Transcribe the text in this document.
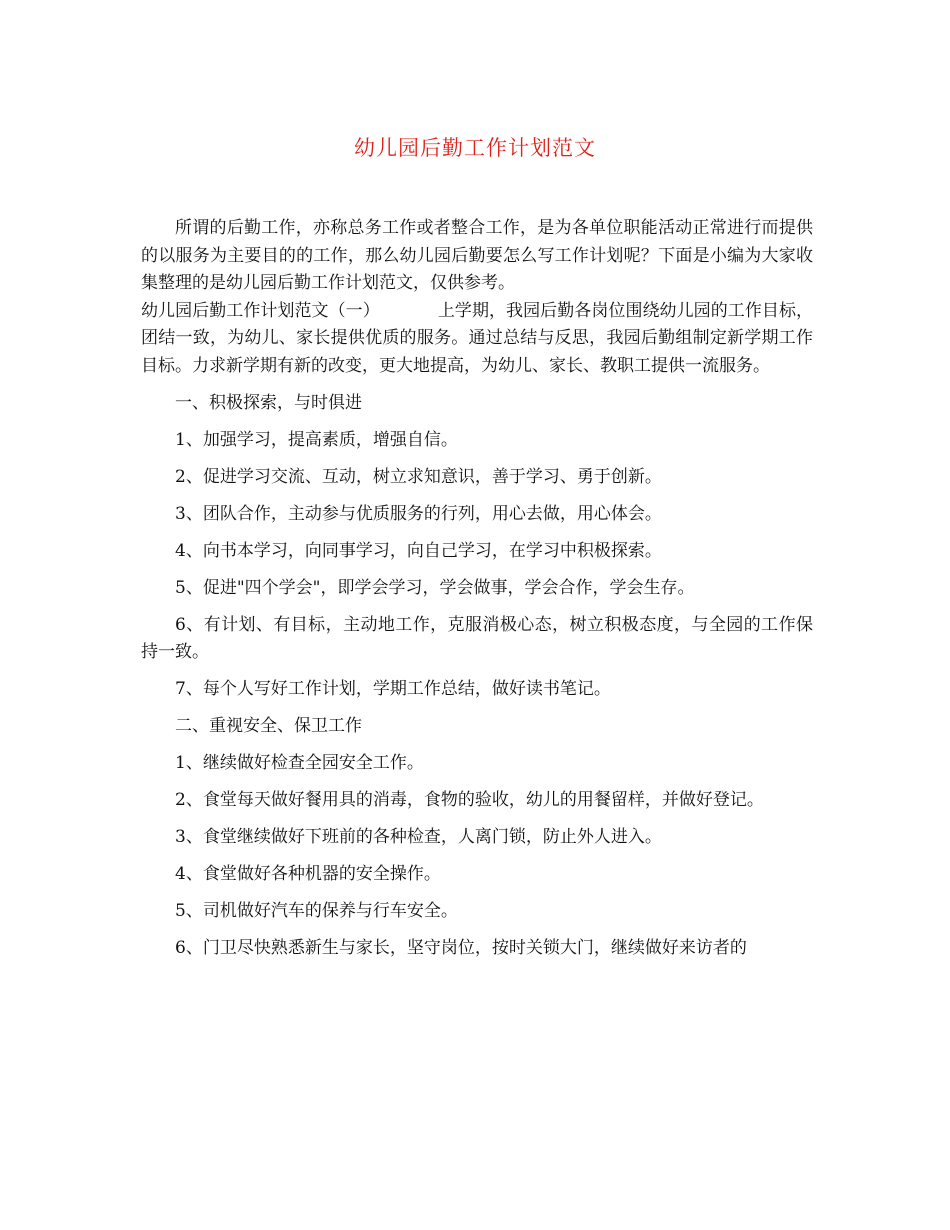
幼儿园后勤工作计划范文

所谓的后勤工作，亦称总务工作或者整合工作，是为各单位职能活动正常进行而提供的以服务为主要目的的工作，那么幼儿园后勤要怎么写工作计划呢？下面是小编为大家收集整理的是幼儿园后勤工作计划范文，仅供参考。

幼儿园后勤工作计划范文（一）	上学期，我园后勤各岗位围绕幼儿园的工作目标，团结一致，为幼儿、家长提供优质的服务。通过总结与反思，我园后勤组制定新学期工作目标。力求新学期有新的改变，更大地提高，为幼儿、家长、教职工提供一流服务。

一、积极探索，与时俱进

1、加强学习，提高素质，增强自信。

2、促进学习交流、互动，树立求知意识，善于学习、勇于创新。

3、团队合作，主动参与优质服务的行列，用心去做，用心体会。

4、向书本学习，向同事学习，向自己学习，在学习中积极探索。

5、促进"四个学会"，即学会学习，学会做事，学会合作，学会生存。

6、有计划、有目标，主动地工作，克服消极心态，树立积极态度，与全园的工作保持一致。

7、每个人写好工作计划，学期工作总结，做好读书笔记。

二、重视安全、保卫工作

1、继续做好检查全园安全工作。

2、食堂每天做好餐用具的消毒，食物的验收，幼儿的用餐留样，并做好登记。

3、食堂继续做好下班前的各种检查，人离门锁，防止外人进入。

4、食堂做好各种机器的安全操作。

5、司机做好汽车的保养与行车安全。

6、门卫尽快熟悉新生与家长，坚守岗位，按时关锁大门，继续做好来访者的
